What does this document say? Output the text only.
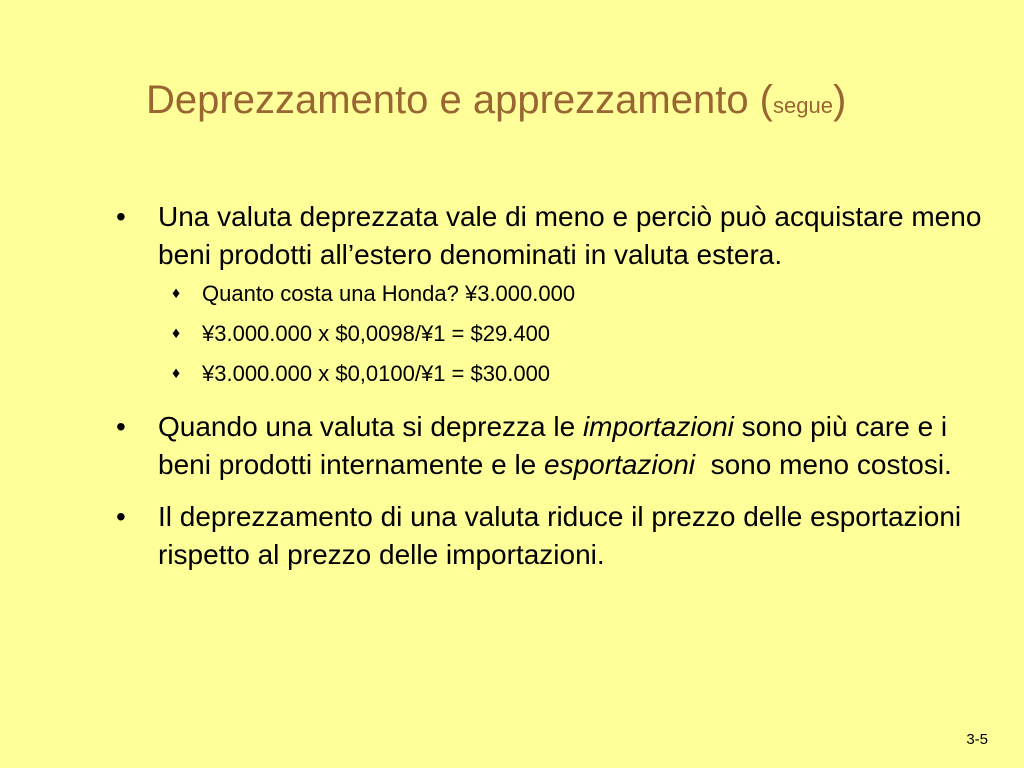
Deprezzamento e apprezzamento (segue)

•	Una valuta deprezzata vale di meno e perciò può acquistare meno beni prodotti all’estero denominati in valuta estera.

♦ Quanto costa una Honda? ¥3.000.000
♦ ¥3.000.000 x $0,0098/¥1 = $29.400
♦ ¥3.000.000 x $0,0100/¥1 = $30.000

•	Quando una valuta si deprezza le importazioni sono più care e i beni prodotti internamente e le esportazioni  sono meno costosi.

•	Il deprezzamento di una valuta riduce il prezzo delle esportazioni rispetto al prezzo delle importazioni.

3-5
